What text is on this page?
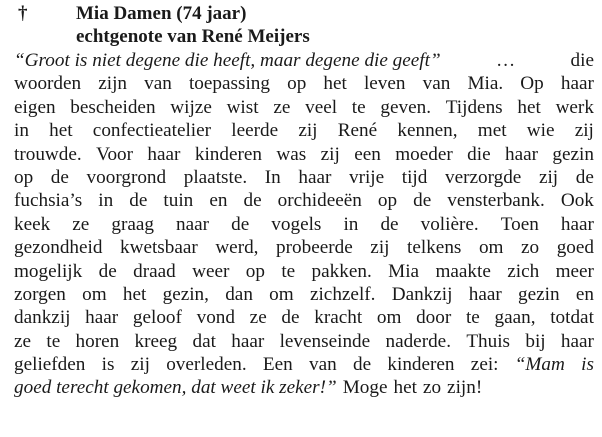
†	Mia Damen (74 jaar)
echtgenote van René Meijers
“Groot is niet degene die heeft, maar degene die geeft”	…	die
woorden zijn van toepassing op het leven van Mia. Op haar
eigen bescheiden wijze wist ze veel te geven. Tijdens het werk
in het confectieatelier leerde zij René kennen, met wie zij
trouwde. Voor haar kinderen was zij een moeder die haar gezin
op de voorgrond plaatste. In haar vrije tijd verzorgde zij de
fuchsia’s in de tuin en de orchideeën op de vensterbank. Ook
keek ze graag naar de vogels in de volière. Toen haar
gezondheid kwetsbaar werd, probeerde zij telkens om zo goed
mogelijk de draad weer op te pakken. Mia maakte zich meer
zorgen om het gezin, dan om zichzelf. Dankzij haar gezin en
dankzij haar geloof vond ze de kracht om door te gaan, totdat
ze te horen kreeg dat haar levenseinde naderde. Thuis bij haar
geliefden is zij overleden. Een van de kinderen zei: “Mam is
goed terecht gekomen, dat weet ik zeker!” Moge het zo zijn!
